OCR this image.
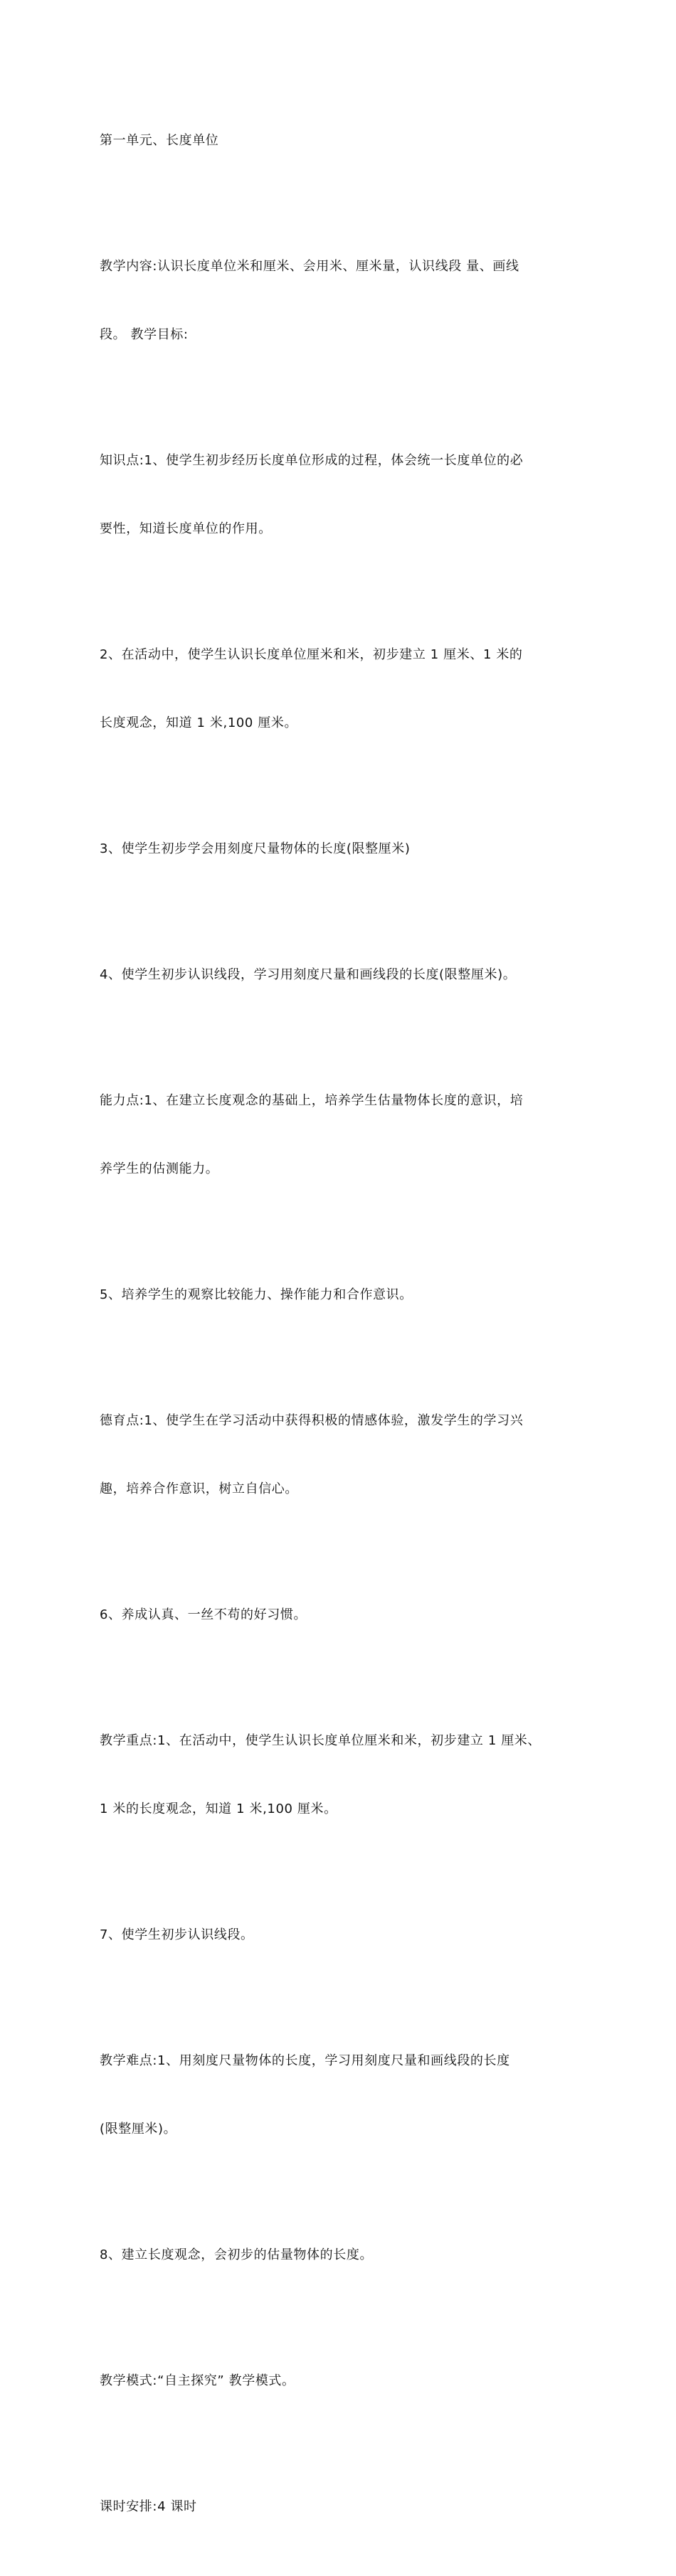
第一单元、长度单位

教学内容:认识长度单位米和厘米、会用米、厘米量，认识线段 量、画线

段。 教学目标:

知识点:1、使学生初步经历长度单位形成的过程，体会统一长度单位的必

要性，知道长度单位的作用。

2、在活动中，使学生认识长度单位厘米和米，初步建立 1 厘米、1 米的

长度观念，知道 1 米,100 厘米。

3、使学生初步学会用刻度尺量物体的长度(限整厘米)

4、使学生初步认识线段，学习用刻度尺量和画线段的长度(限整厘米)。

能力点:1、在建立长度观念的基础上，培养学生估量物体长度的意识，培

养学生的估测能力。

5、培养学生的观察比较能力、操作能力和合作意识。

德育点:1、使学生在学习活动中获得积极的情感体验，激发学生的学习兴

趣，培养合作意识，树立自信心。

6、养成认真、一丝不苟的好习惯。

教学重点:1、在活动中，使学生认识长度单位厘米和米，初步建立 1 厘米、

1 米的长度观念，知道 1 米,100 厘米。

7、使学生初步认识线段。

教学难点:1、用刻度尺量物体的长度，学习用刻度尺量和画线段的长度

(限整厘米)。

8、建立长度观念，会初步的估量物体的长度。

教学模式:“自主探究” 教学模式。

课时安排:4 课时
